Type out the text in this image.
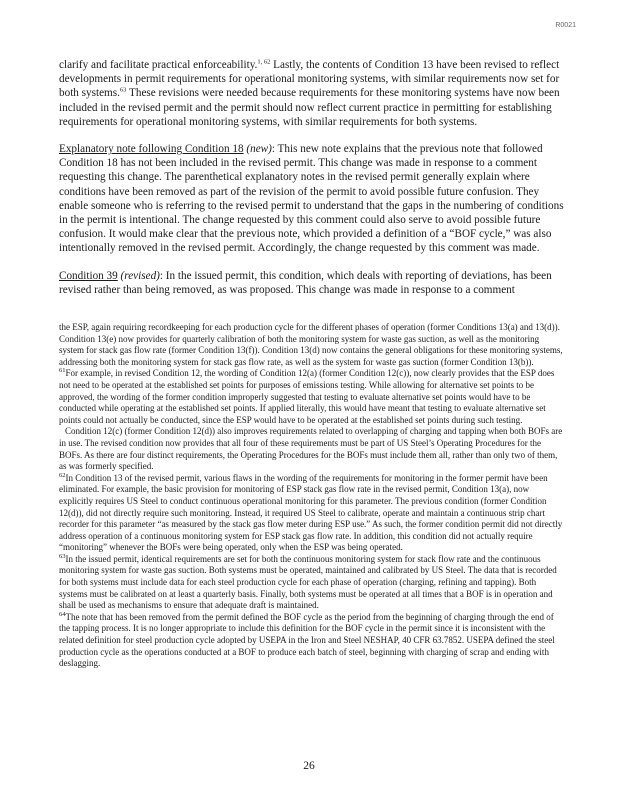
R0021

clarify and facilitate practical enforceability.$^{1, 62}$ Lastly, the contents of Condition 13 have been revised to reflect developments in permit requirements for operational monitoring systems, with similar requirements now set for both systems.$^{63}$ These revisions were needed because requirements for these monitoring systems have now been included in the revised permit and the permit should now reflect current practice in permitting for establishing requirements for operational monitoring systems, with similar requirements for both systems.

Explanatory note following Condition 18 (new): This new note explains that the previous note that followed Condition 18 has not been included in the revised permit. This change was made in response to a comment requesting this change. The parenthetical explanatory notes in the revised permit generally explain where conditions have been removed as part of the revision of the permit to avoid possible future confusion. They enable someone who is referring to the revised permit to understand that the gaps in the numbering of conditions in the permit is intentional. The change requested by this comment could also serve to avoid possible future confusion. It would make clear that the previous note, which provided a definition of a “BOF cycle,” was also intentionally removed in the revised permit. Accordingly, the change requested by this comment was made.

Condition 39 (revised): In the issued permit, this condition, which deals with reporting of deviations, has been revised rather than being removed, as was proposed. This change was made in response to a comment

the ESP, again requiring recordkeeping for each production cycle for the different phases of operation (former Conditions 13(a) and 13(d)). Condition 13(e) now provides for quarterly calibration of both the monitoring system for waste gas suction, as well as the monitoring system for stack gas flow rate (former Condition 13(f)). Condition 13(d) now contains the general obligations for these monitoring systems, addressing both the monitoring system for stack gas flow rate, as well as the system for waste gas suction (former Condition 13(b)).

$^{61}$For example, in revised Condition 12, the wording of Condition 12(a) (former Condition 12(c)), now clearly provides that the ESP does not need to be operated at the established set points for purposes of emissions testing. While allowing for alternative set points to be approved, the wording of the former condition improperly suggested that testing to evaluate alternative set points would have to be conducted while operating at the established set points. If applied literally, this would have meant that testing to evaluate alternative set points could not actually be conducted, since the ESP would have to be operated at the established set points during such testing.

Condition 12(c) (former Condition 12(d)) also improves requirements related to overlapping of charging and tapping when both BOFs are in use. The revised condition now provides that all four of these requirements must be part of US Steel’s Operating Procedures for the BOFs. As there are four distinct requirements, the Operating Procedures for the BOFs must include them all, rather than only two of them, as was formerly specified.

$^{62}$In Condition 13 of the revised permit, various flaws in the wording of the requirements for monitoring in the former permit have been eliminated. For example, the basic provision for monitoring of ESP stack gas flow rate in the revised permit, Condition 13(a), now explicitly requires US Steel to conduct continuous operational monitoring for this parameter. The previous condition (former Condition 12(d)), did not directly require such monitoring. Instead, it required US Steel to calibrate, operate and maintain a continuous strip chart recorder for this parameter “as measured by the stack gas flow meter during ESP use.” As such, the former condition permit did not directly address operation of a continuous monitoring system for ESP stack gas flow rate. In addition, this condition did not actually require “monitoring” whenever the BOFs were being operated, only when the ESP was being operated.

$^{63}$In the issued permit, identical requirements are set for both the continuous monitoring system for stack flow rate and the continuous monitoring system for waste gas suction. Both systems must be operated, maintained and calibrated by US Steel. The data that is recorded for both systems must include data for each steel production cycle for each phase of operation (charging, refining and tapping). Both systems must be calibrated on at least a quarterly basis. Finally, both systems must be operated at all times that a BOF is in operation and shall be used as mechanisms to ensure that adequate draft is maintained.

$^{64}$The note that has been removed from the permit defined the BOF cycle as the period from the beginning of charging through the end of the tapping process. It is no longer appropriate to include this definition for the BOF cycle in the permit since it is inconsistent with the related definition for steel production cycle adopted by USEPA in the Iron and Steel NESHAP, 40 CFR 63.7852. USEPA defined the steel production cycle as the operations conducted at a BOF to produce each batch of steel, beginning with charging of scrap and ending with deslagging.

26
